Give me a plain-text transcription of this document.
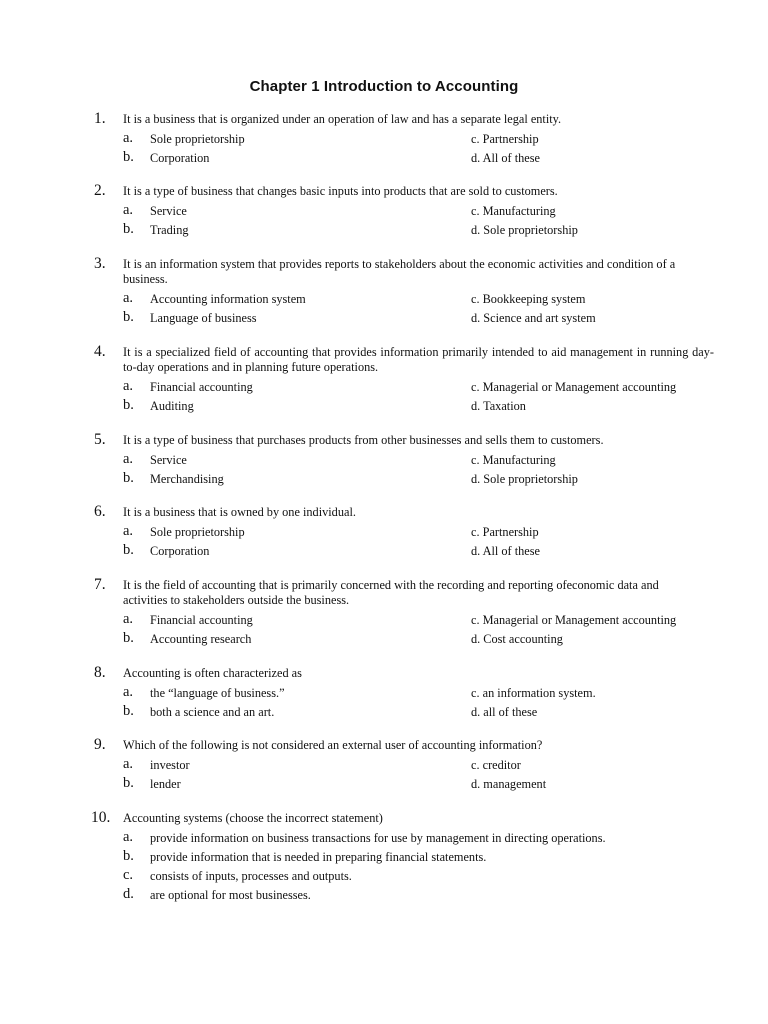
Chapter 1 Introduction to Accounting
1. It is a business that is organized under an operation of law and has a separate legal entity.
a. Sole proprietorship	c. Partnership
b. Corporation	d. All of these
2. It is a type of business that changes basic inputs into products that are sold to customers.
a. Service	c. Manufacturing
b. Trading	d. Sole proprietorship
3. It is an information system that provides reports to stakeholders about the economic activities and condition of a business.
a. Accounting information system	c. Bookkeeping system
b. Language of business	d. Science and art system
4. It is a specialized field of accounting that provides information primarily intended to aid management in running day-to-day operations and in planning future operations.
a. Financial accounting	c. Managerial or Management accounting
b. Auditing	d. Taxation
5. It is a type of business that purchases products from other businesses and sells them to customers.
a. Service	c. Manufacturing
b. Merchandising	d. Sole proprietorship
6. It is a business that is owned by one individual.
a. Sole proprietorship	c. Partnership
b. Corporation	d. All of these
7. It is the field of accounting that is primarily concerned with the recording and reporting ofeconomic data and activities to stakeholders outside the business.
a. Financial accounting	c. Managerial or Management accounting
b. Accounting research	d. Cost accounting
8. Accounting is often characterized as
a. the “language of business.”	c. an information system.
b. both a science and an art.	d. all of these
9. Which of the following is not considered an external user of accounting information?
a. investor	c. creditor
b. lender	d. management
10. Accounting systems (choose the incorrect statement)
a. provide information on business transactions for use by management in directing operations.
b. provide information that is needed in preparing financial statements.
c. consists of inputs, processes and outputs.
d. are optional for most businesses.
